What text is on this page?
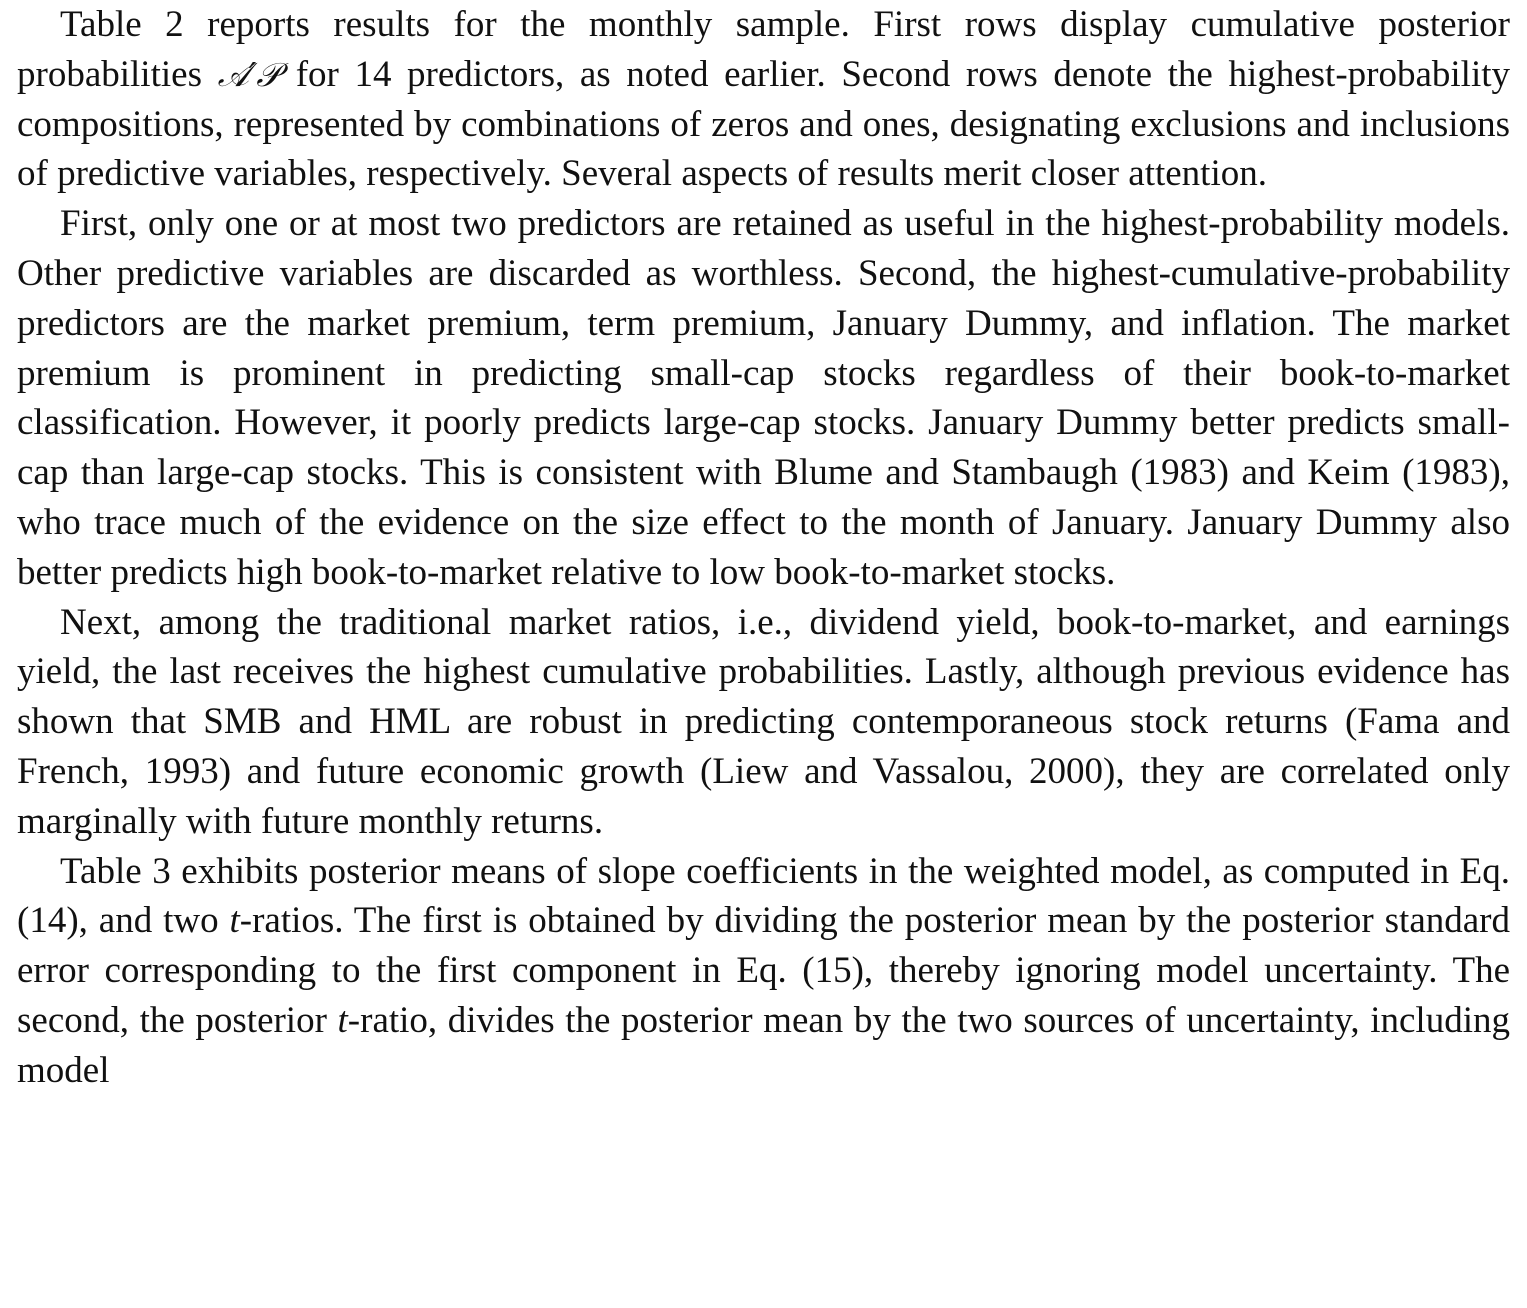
Table 2 reports results for the monthly sample. First rows display cumulative posterior probabilities 𝒜′𝒫 for 14 predictors, as noted earlier. Second rows denote the highest-probability compositions, represented by combinations of zeros and ones, designating exclusions and inclusions of predictive variables, respectively. Several aspects of results merit closer attention.

First, only one or at most two predictors are retained as useful in the highest-probability models. Other predictive variables are discarded as worthless. Second, the highest-cumulative-probability predictors are the market premium, term premium, January Dummy, and inflation. The market premium is prominent in predicting small-cap stocks regardless of their book-to-market classification. However, it poorly predicts large-cap stocks. January Dummy better predicts small-cap than large-cap stocks. This is consistent with Blume and Stambaugh (1983) and Keim (1983), who trace much of the evidence on the size effect to the month of January. January Dummy also better predicts high book-to-market relative to low book-to-market stocks.

Next, among the traditional market ratios, i.e., dividend yield, book-to-market, and earnings yield, the last receives the highest cumulative probabilities. Lastly, although previous evidence has shown that SMB and HML are robust in predicting contemporaneous stock returns (Fama and French, 1993) and future economic growth (Liew and Vassalou, 2000), they are correlated only marginally with future monthly returns.

Table 3 exhibits posterior means of slope coefficients in the weighted model, as computed in Eq. (14), and two t-ratios. The first is obtained by dividing the posterior mean by the posterior standard error corresponding to the first component in Eq. (15), thereby ignoring model uncertainty. The second, the posterior t-ratio, divides the posterior mean by the two sources of uncertainty, including model
